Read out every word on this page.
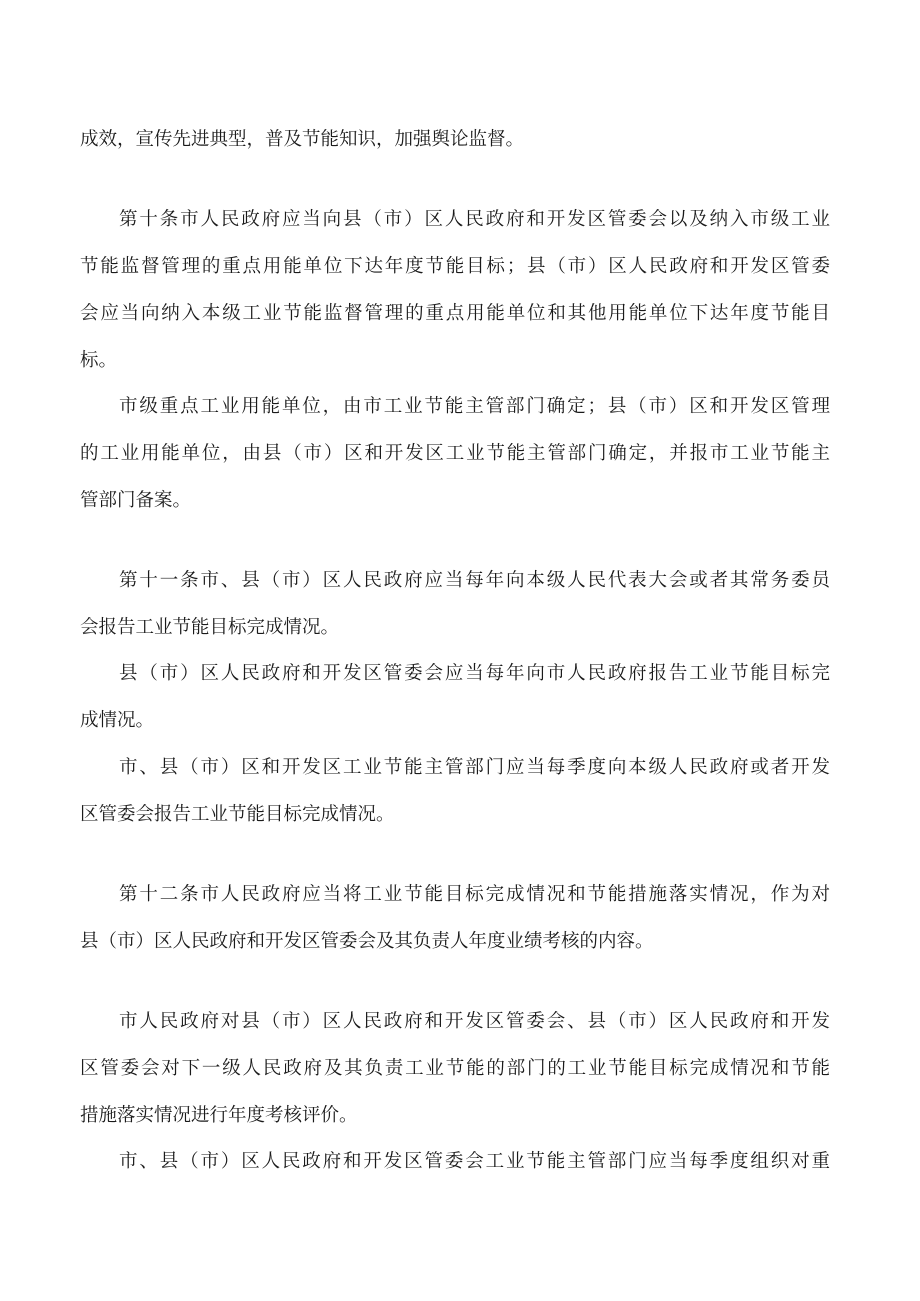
成效，宣传先进典型，普及节能知识，加强舆论监督。

第十条市人民政府应当向县（市）区人民政府和开发区管委会以及纳入市级工业

节能监督管理的重点用能单位下达年度节能目标；县（市）区人民政府和开发区管委

会应当向纳入本级工业节能监督管理的重点用能单位和其他用能单位下达年度节能目

标。

市级重点工业用能单位，由市工业节能主管部门确定；县（市）区和开发区管理

的工业用能单位，由县（市）区和开发区工业节能主管部门确定，并报市工业节能主

管部门备案。

第十一条市、县（市）区人民政府应当每年向本级人民代表大会或者其常务委员

会报告工业节能目标完成情况。

县（市）区人民政府和开发区管委会应当每年向市人民政府报告工业节能目标完

成情况。

市、县（市）区和开发区工业节能主管部门应当每季度向本级人民政府或者开发

区管委会报告工业节能目标完成情况。

第十二条市人民政府应当将工业节能目标完成情况和节能措施落实情况，作为对

县（市）区人民政府和开发区管委会及其负责人年度业绩考核的内容。

市人民政府对县（市）区人民政府和开发区管委会、县（市）区人民政府和开发

区管委会对下一级人民政府及其负责工业节能的部门的工业节能目标完成情况和节能

措施落实情况进行年度考核评价。

市、县（市）区人民政府和开发区管委会工业节能主管部门应当每季度组织对重
